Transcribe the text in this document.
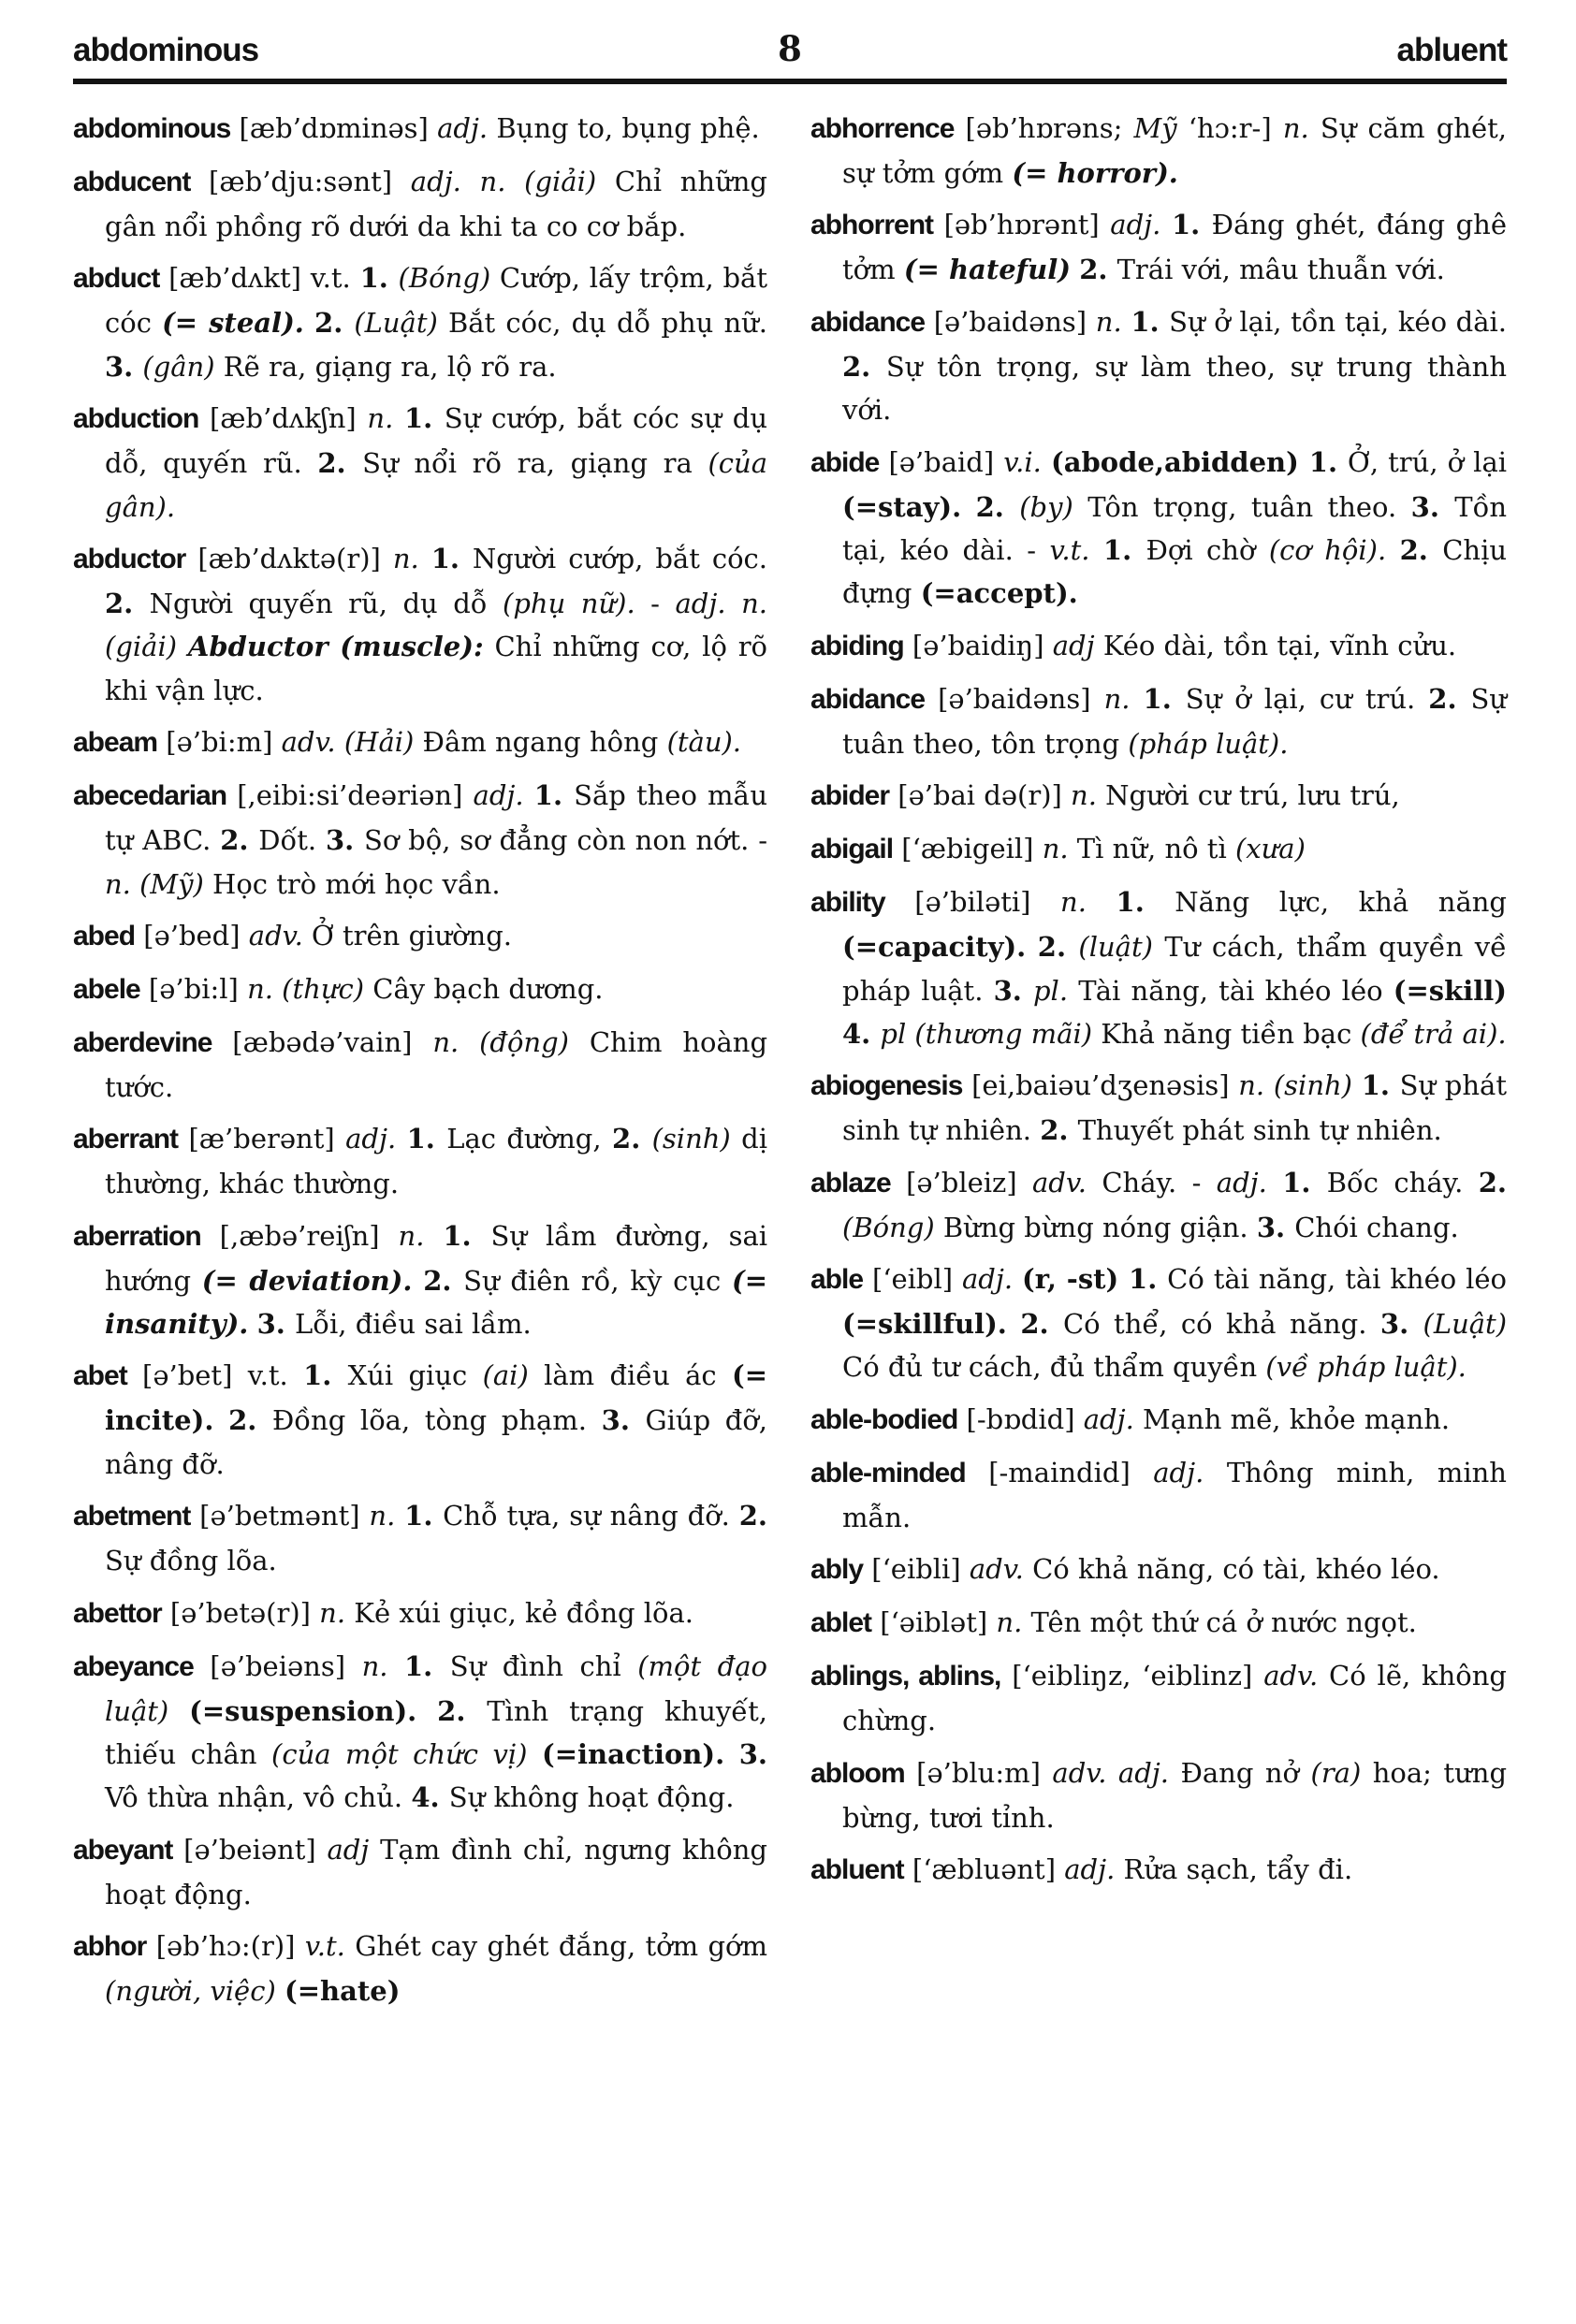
abdominous	8	abluent

abdominous [æb’dɒminəs] adj. Bụng to, bụng phệ.

abducent [æb’dju:sənt] adj. n. (giải) Chỉ những gân nổi phồng rõ dưới da khi ta co cơ bắp.

abduct [æb’dʌkt] v.t. 1. (Bóng) Cướp, lấy trộm, bắt cóc (= steal). 2. (Luật) Bắt cóc, dụ dỗ phụ nữ. 3. (gân) Rẽ ra, giạng ra, lộ rõ ra.

abduction [æb’dʌkʃn] n. 1. Sự cướp, bắt cóc sự dụ dỗ, quyến rũ. 2. Sự nổi rõ ra, giạng ra (của gân).

abductor [æb’dʌktə(r)] n. 1. Người cướp, bắt cóc. 2. Người quyến rũ, dụ dỗ (phụ nữ). - adj. n. (giải) Abductor (muscle): Chỉ những cơ, lộ rõ khi vận lực.

abeam [ə’bi:m] adv. (Hải) Đâm ngang hông (tàu).

abecedarian [,eibi:si’deəriən] adj. 1. Sắp theo mẫu tự ABC. 2. Dốt. 3. Sơ bộ, sơ đẳng còn non nớt. -n. (Mỹ) Học trò mới học vần.

abed [ə’bed] adv. Ở trên giường.

abele [ə’bi:l] n. (thực) Cây bạch dương.

aberdevine [æbədə’vain] n. (động) Chim hoàng tước.

aberrant [æ’berənt] adj. 1. Lạc đường, 2. (sinh) dị thường, khác thường.

aberration [,æbə’reiʃn] n. 1. Sự lầm đường, sai hướng (= deviation). 2. Sự điên rồ, kỳ cục (= insanity). 3. Lỗi, điều sai lầm.

abet [ə’bet] v.t. 1. Xúi giục (ai) làm điều ác (= incite). 2. Đồng lõa, tòng phạm. 3. Giúp đỡ, nâng đỡ.

abetment [ə’betmənt] n. 1. Chỗ tựa, sự nâng đỡ. 2. Sự đồng lõa.

abettor [ə’betə(r)] n. Kẻ xúi giục, kẻ đồng lõa.

abeyance [ə’beiəns] n. 1. Sự đình chỉ (một đạo luật) (=suspension). 2. Tình trạng khuyết, thiếu chân (của một chức vị) (=inaction). 3. Vô thừa nhận, vô chủ. 4. Sự không hoạt động.

abeyant [ə’beiənt] adj Tạm đình chỉ, ngưng không hoạt động.

abhor [əb’hɔ:(r)] v.t. Ghét cay ghét đắng, tởm gớm (người, việc) (=hate)

abhorrence [əb’hɒrəns; Mỹ ‘hɔ:r-] n. Sự căm ghét, sự tởm gớm (= horror).

abhorrent [əb’hɒrənt] adj. 1. Đáng ghét, đáng ghê tởm (= hateful) 2. Trái với, mâu thuẫn với.

abidance [ə’baidəns] n. 1. Sự ở lại, tồn tại, kéo dài. 2. Sự tôn trọng, sự làm theo, sự trung thành với.

abide [ə’baid] v.i. (abode,abidden) 1. Ở, trú, ở lại (=stay). 2. (by) Tôn trọng, tuân theo. 3. Tồn tại, kéo dài. - v.t. 1. Đợi chờ (cơ hội). 2. Chịu đựng (=accept).

abiding [ə’baidiŋ] adj Kéo dài, tồn tại, vĩnh cửu.

abidance [ə’baidəns] n. 1. Sự ở lại, cư trú. 2. Sự tuân theo, tôn trọng (pháp luật).

abider [ə’bai də(r)] n. Người cư trú, lưu trú,

abigail [‘æbigeil] n. Tì nữ, nô tì (xưa)

ability [ə’biləti] n. 1. Năng lực, khả năng (=capacity). 2. (luật) Tư cách, thẩm quyền về pháp luật. 3. pl. Tài năng, tài khéo léo (=skill) 4. pl (thương mãi) Khả năng tiền bạc (để trả ai).

abiogenesis [ei,baiəu’dʒenəsis] n. (sinh) 1. Sự phát sinh tự nhiên. 2. Thuyết phát sinh tự nhiên.

ablaze [ə’bleiz] adv. Cháy. - adj. 1. Bốc cháy. 2. (Bóng) Bừng bừng nóng giận. 3. Chói chang.

able [‘eibl] adj. (r, -st) 1. Có tài năng, tài khéo léo (=skillful). 2. Có thể, có khả năng. 3. (Luật) Có đủ tư cách, đủ thẩm quyền (về pháp luật).

able-bodied [-bɒdid] adj. Mạnh mẽ, khỏe mạnh.

able-minded [-maindid] adj. Thông minh, minh mẫn.

ably [‘eibli] adv. Có khả năng, có tài, khéo léo.

ablet [‘əiblət] n. Tên một thứ cá ở nước ngọt.

ablings, ablins, [‘eibliŋz, ‘eiblinz] adv. Có lẽ, không chừng.

abloom [ə’blu:m] adv. adj. Đang nở (ra) hoa; tưng bừng, tươi tỉnh.

abluent [‘æbluənt] adj. Rửa sạch, tẩy đi.
